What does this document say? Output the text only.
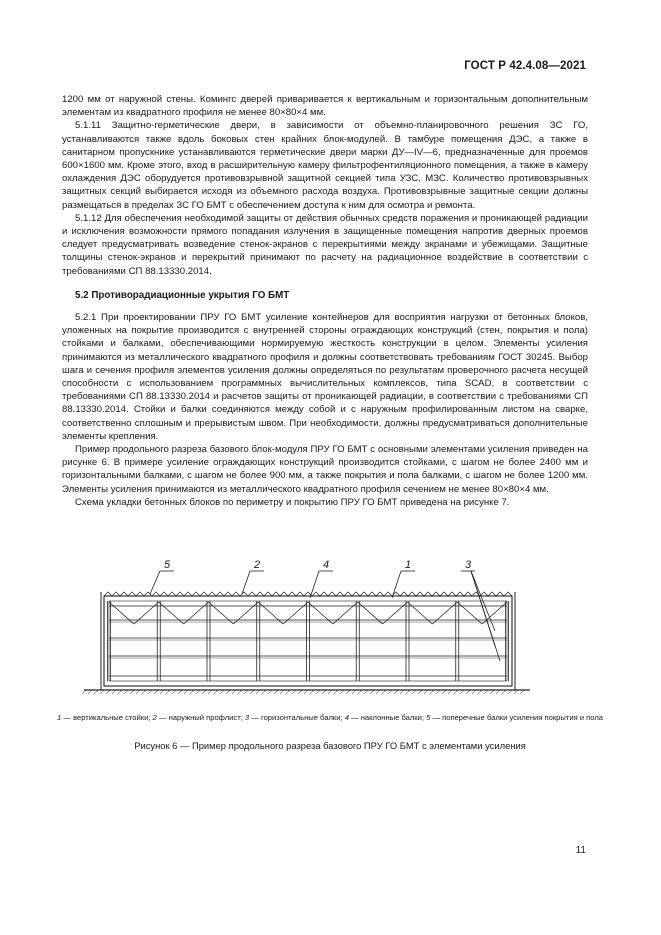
ГОСТ Р 42.4.08—2021

1200 мм от наружной стены. Комингс дверей приваривается к вертикальным и горизонтальным дополнительным элементам из квадратного профиля не менее 80×80×4 мм.

5.1.11 Защитно-герметические двери, в зависимости от объемно-планировочного решения ЗС ГО, устанавливаются также вдоль боковых стен крайних блок-модулей. В тамбуре помещения ДЭС, а также в санитарном пропускнике устанавливаются герметические двери марки ДУ—IV—6, предназначенные для проемов 600×1600 мм. Кроме этого, вход в расширительную камеру фильтрофентиляционного помещения, а также в камеру охлаждения ДЭС оборудуется противовзрывной защитной секцией типа УЗС, МЗС. Количество противовзрывных защитных секций выбирается исходя из объемного расхода воздуха. Противовзрывные защитные секции должны размещаться в пределах ЗС ГО БМТ с обеспечением доступа к ним для осмотра и ремонта.

5.1.12 Для обеспечения необходимой защиты от действия обычных средств поражения и проникающей радиации и исключения возможности прямого попадания излучения в защищенные помещения напротив дверных проемов следует предусматривать возведение стенок-экранов с перекрытиями между экранами и убежищами. Защитные толщины стенок-экранов и перекрытий принимают по расчету на радиационное воздействие в соответствии с требованиями СП 88.13330.2014.

5.2 Противорадиационные укрытия ГО БМТ

5.2.1 При проектировании ПРУ ГО БМТ усиление контейнеров для восприятия нагрузки от бетонных блоков, уложенных на покрытие производится с внутренней стороны ограждающих конструкций (стен, покрытия и пола) стойками и балками, обеспечивающими нормируемую жесткость конструкции в целом. Элементы усиления принимаются из металлического квадратного профиля и должны соответствовать требованиям ГОСТ 30245. Выбор шага и сечения профиля элементов усиления должны определяться по результатам проверочного расчета несущей способности с использованием программных вычислительных комплексов, типа SCAD, в соответствии с требованиями СП 88.13330.2014 и расчетов защиты от проникающей радиации, в соответствии с требованиями СП 88.13330.2014. Стойки и балки соединяются между собой и с наружным профилированным листом на сварке, соответственно сплошным и прерывистым швом. При необходимости, должны предусматриваться дополнительные элементы крепления.

Пример продольного разреза базового блок-модуля ПРУ ГО БМТ с основными элементами усиления приведен на рисунке 6. В примере усиление ограждающих конструкций производится стойками, с шагом не более 2400 мм и горизонтальными балками, с шагом не более 900 мм, а также покрытия и пола балками, с шагом не более 1200 мм. Элементы усиления принимаются из металлического квадратного профиля сечением не менее 80×80×4 мм.

Схема укладки бетонных блоков по периметру и покрытию ПРУ ГО БМТ приведена на рисунке 7.

5	2	4	1	3
1 — вертикальные стойки; 2 — наружный профлист; 3 — горизонтальные балки; 4 — наклонные балки; 5 — поперечные балки усиления покрытия и пола
Рисунок 6 — Пример продольного разреза базового ПРУ ГО БМТ с элементами усиления
11
